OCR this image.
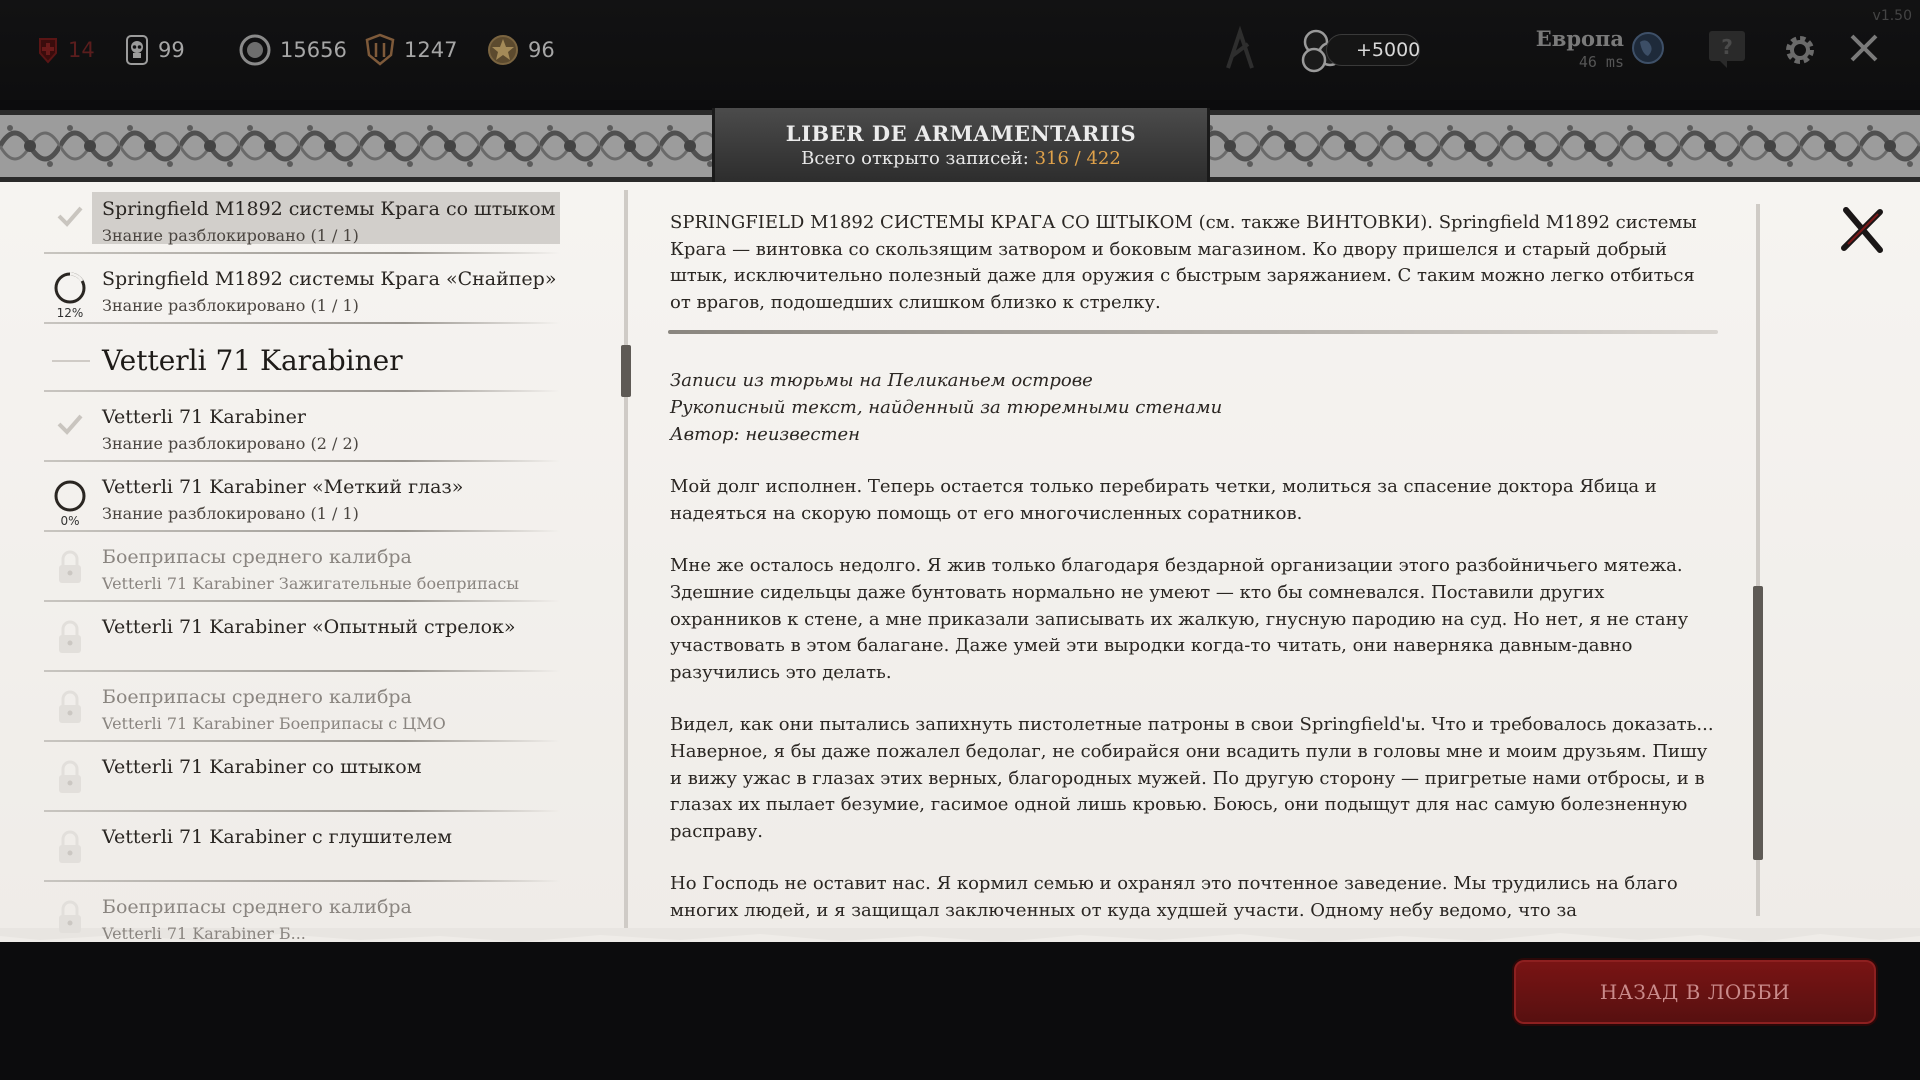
14	99	15656	1247	96	+5000	Европа
46 ms
?
v1.50
LIBER DE ARMAMENTARIIS
Всего открыто записей: 316 / 422
Springfield M1892 системы Крага со штыком
Знание разблокировано (1 / 1)
12%
Springfield M1892 системы Крага «Снайпер»
Знание разблокировано (1 / 1)
Vetterli 71 Karabiner
Vetterli 71 Karabiner
Знание разблокировано (2 / 2)
0%
Vetterli 71 Karabiner «Меткий глаз»
Знание разблокировано (1 / 1)
Боеприпасы среднего калибра
Vetterli 71 Karabiner Зажигательные боеприпасы
Vetterli 71 Karabiner «Опытный стрелок»
Боеприпасы среднего калибра
Vetterli 71 Karabiner Боеприпасы с ЦМО
Vetterli 71 Karabiner со штыком
Vetterli 71 Karabiner с глушителем
Боеприпасы среднего калибра
Vetterli 71 Karabiner Б...

SPRINGFIELD M1892 СИСТЕМЫ КРАГА СО ШТЫКОМ (см. также ВИНТОВКИ). Springfield M1892 системы Крага — винтовка со скользящим затвором и боковым магазином. Ко двору пришелся и старый добрый штык, исключительно полезный даже для оружия с быстрым заряжанием. С таким можно легко отбиться от врагов, подошедших слишком близко к стрелку.

Записи из тюрьмы на Пеликаньем острове
Рукописный текст, найденный за тюремными стенами
Автор: неизвестен

Мой долг исполнен. Теперь остается только перебирать четки, молиться за спасение доктора Ябица и надеяться на скорую помощь от его многочисленных соратников.

Мне же осталось недолго. Я жив только благодаря бездарной организации этого разбойничьего мятежа. Здешние сидельцы даже бунтовать нормально не умеют — кто бы сомневался. Поставили других охранников к стене, а мне приказали записывать их жалкую, гнусную пародию на суд. Но нет, я не стану участвовать в этом балагане. Даже умей эти выродки когда-то читать, они наверняка давным-давно разучились это делать.

Видел, как они пытались запихнуть пистолетные патроны в свои Springfield'ы. Что и требовалось доказать... Наверное, я бы даже пожалел бедолаг, не собирайся они всадить пули в головы мне и моим друзьям. Пишу и вижу ужас в глазах этих верных, благородных мужей. По другую сторону — пригретые нами отбросы, и в глазах их пылает безумие, гасимое одной лишь кровью. Боюсь, они подыщут для нас самую болезненную расправу.

Но Господь не оставит нас. Я кормил семью и охранял это почтенное заведение. Мы трудились на благо многих людей, и я защищал заключенных от куда худшей участи. Одному небу ведомо, что за

НАЗАД В ЛОББИ
